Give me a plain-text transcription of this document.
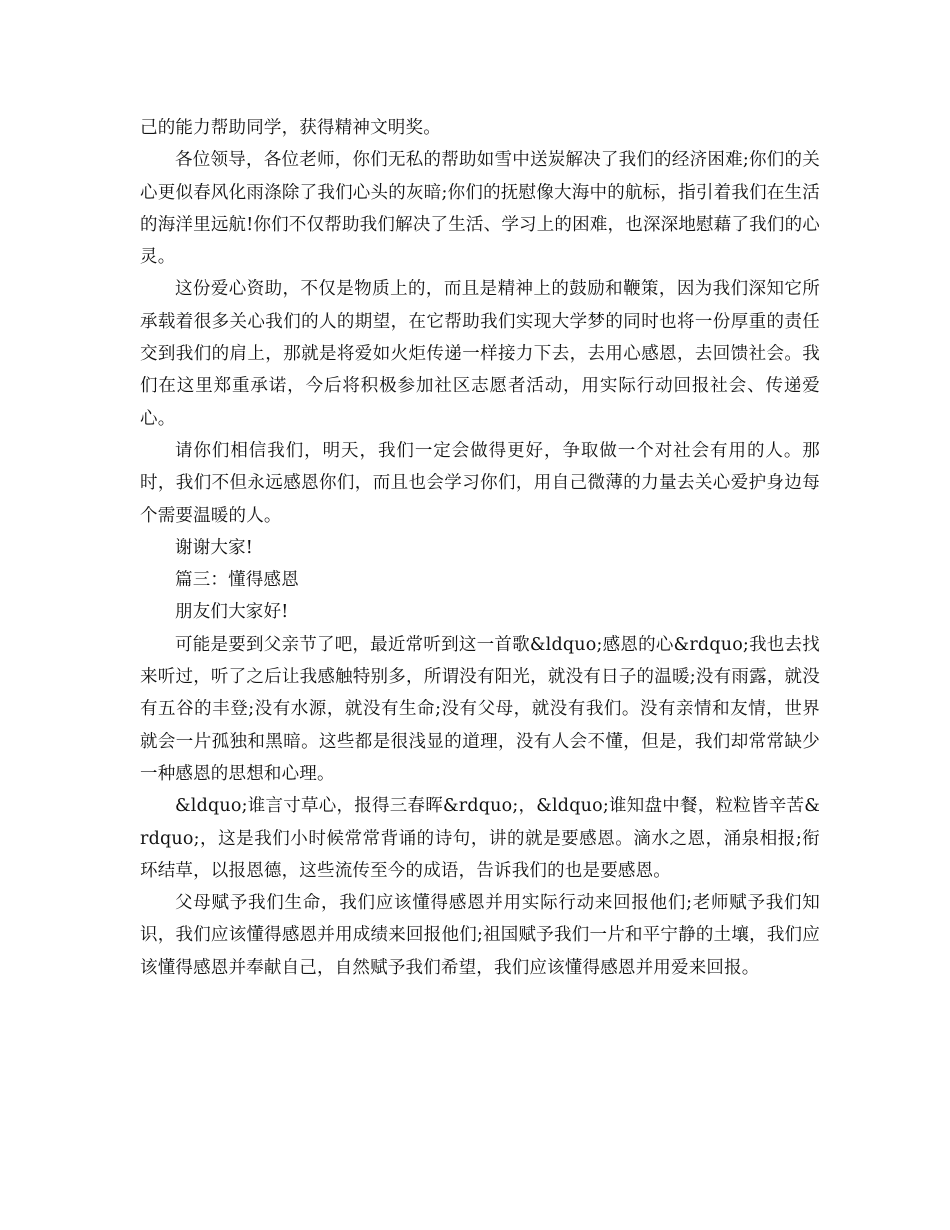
己的能力帮助同学，获得精神文明奖。

各位领导，各位老师，你们无私的帮助如雪中送炭解决了我们的经济困难;你们的关心更似春风化雨涤除了我们心头的灰暗;你们的抚慰像大海中的航标，指引着我们在生活的海洋里远航!你们不仅帮助我们解决了生活、学习上的困难，也深深地慰藉了我们的心灵。

这份爱心资助，不仅是物质上的，而且是精神上的鼓励和鞭策，因为我们深知它所承载着很多关心我们的人的期望，在它帮助我们实现大学梦的同时也将一份厚重的责任交到我们的肩上，那就是将爱如火炬传递一样接力下去，去用心感恩，去回馈社会。我们在这里郑重承诺，今后将积极参加社区志愿者活动，用实际行动回报社会、传递爱心。

请你们相信我们，明天，我们一定会做得更好，争取做一个对社会有用的人。那时，我们不但永远感恩你们，而且也会学习你们，用自己微薄的力量去关心爱护身边每个需要温暖的人。

谢谢大家!

篇三：懂得感恩

朋友们大家好!

可能是要到父亲节了吧，最近常听到这一首歌&ldquo;感恩的心&rdquo;我也去找来听过，听了之后让我感触特别多，所谓没有阳光，就没有日子的温暖;没有雨露，就没有五谷的丰登;没有水源，就没有生命;没有父母，就没有我们。没有亲情和友情，世界就会一片孤独和黑暗。这些都是很浅显的道理，没有人会不懂，但是，我们却常常缺少一种感恩的思想和心理。

&ldquo;谁言寸草心，报得三春晖&rdquo;，&ldquo;谁知盘中餐，粒粒皆辛苦&rdquo;，这是我们小时候常常背诵的诗句，讲的就是要感恩。滴水之恩，涌泉相报;衔环结草，以报恩德，这些流传至今的成语，告诉我们的也是要感恩。

父母赋予我们生命，我们应该懂得感恩并用实际行动来回报他们;老师赋予我们知识，我们应该懂得感恩并用成绩来回报他们;祖国赋予我们一片和平宁静的土壤，我们应该懂得感恩并奉献自己，自然赋予我们希望，我们应该懂得感恩并用爱来回报。
